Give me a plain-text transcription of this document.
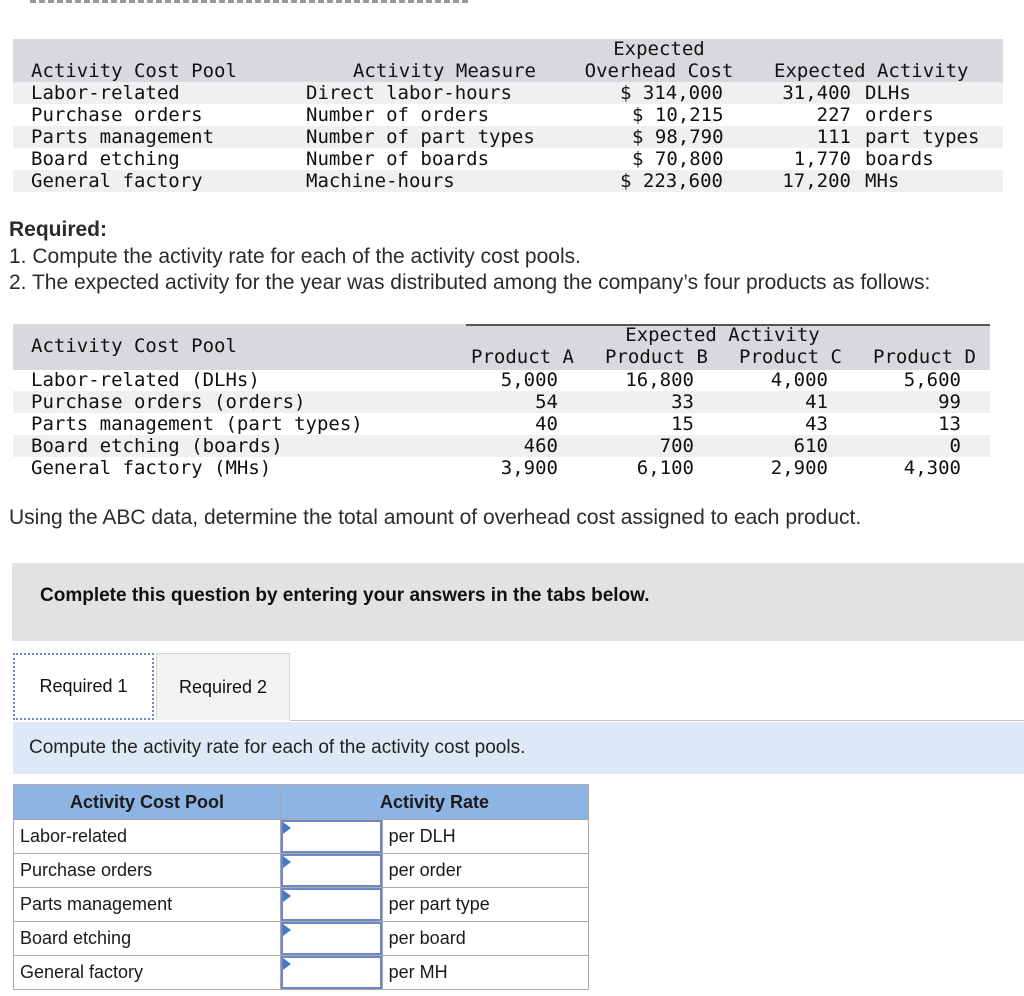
Activity Cost Pool	Activity Measure
Expected
Overhead Cost	Expected Activity
Labor-related	Direct labor-hours	$ 314,000	31,400 DLHs
Purchase orders	Number of orders	$ 10,215	227 orders
Parts management	Number of part types	$ 98,790	111 part types
Board etching	Number of boards	$ 70,800	1,770 boards
General factory	Machine-hours	$ 223,600	17,200 MHs
Required:
1. Compute the activity rate for each of the activity cost pools.
2. The expected activity for the year was distributed among the company’s four products as follows:
Activity Cost Pool	Expected Activity
Product A Product B Product C Product D
Labor-related (DLHs)	5,000	16,800	4,000	5,600
Purchase orders (orders)	54	33	41	99
Parts management (part types)	40	15	43	13
Board etching (boards)	460	700	610	0
General factory (MHs)	3,900	6,100	2,900	4,300
Using the ABC data, determine the total amount of overhead cost assigned to each product.
Complete this question by entering your answers in the tabs below.
Required 1	Required 2
Compute the activity rate for each of the activity cost pools.
Activity Cost Pool	Activity Rate	
Labor-related		per DLH
Purchase orders		per order
Parts management		per part type
Board etching		per board
General factory		per MH
